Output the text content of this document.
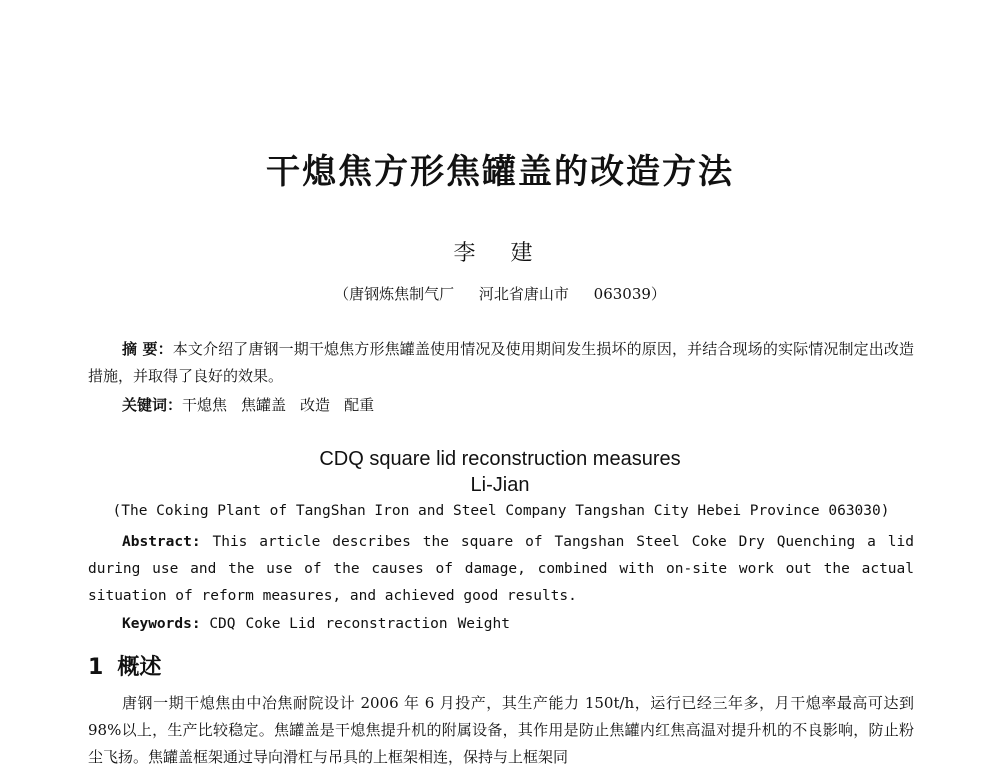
干熄焦方形焦罐盖的改造方法

李 建

（唐钢炼焦制气厂 河北省唐山市 063039）

摘 要：本文介绍了唐钢一期干熄焦方形焦罐盖使用情况及使用期间发生损坏的原因，并结合现场的实际情况制定出改造措施，并取得了良好的效果。

关键词：干熄焦 焦罐盖 改造 配重

CDQ square lid reconstruction measures

Li-Jian

(The Coking Plant of TangShan Iron and Steel Company Tangshan City Hebei Province 063030)

Abstract: This article describes the square of Tangshan Steel Coke Dry Quenching a lid during use and the use of the causes of damage, combined with on-site work out the actual situation of reform measures, and achieved good results.

Keywords: CDQ Coke Lid reconstraction Weight

1 概述

唐钢一期干熄焦由中冶焦耐院设计 2006 年 6 月投产，其生产能力 150t/h，运行已经三年多，月干熄率最高可达到 98%以上，生产比较稳定。焦罐盖是干熄焦提升机的附属设备，其作用是防止焦罐内红焦高温对提升机的不良影响，防止粉尘飞扬。焦罐盖框架通过导向滑杠与吊具的上框架相连，保持与上框架同
